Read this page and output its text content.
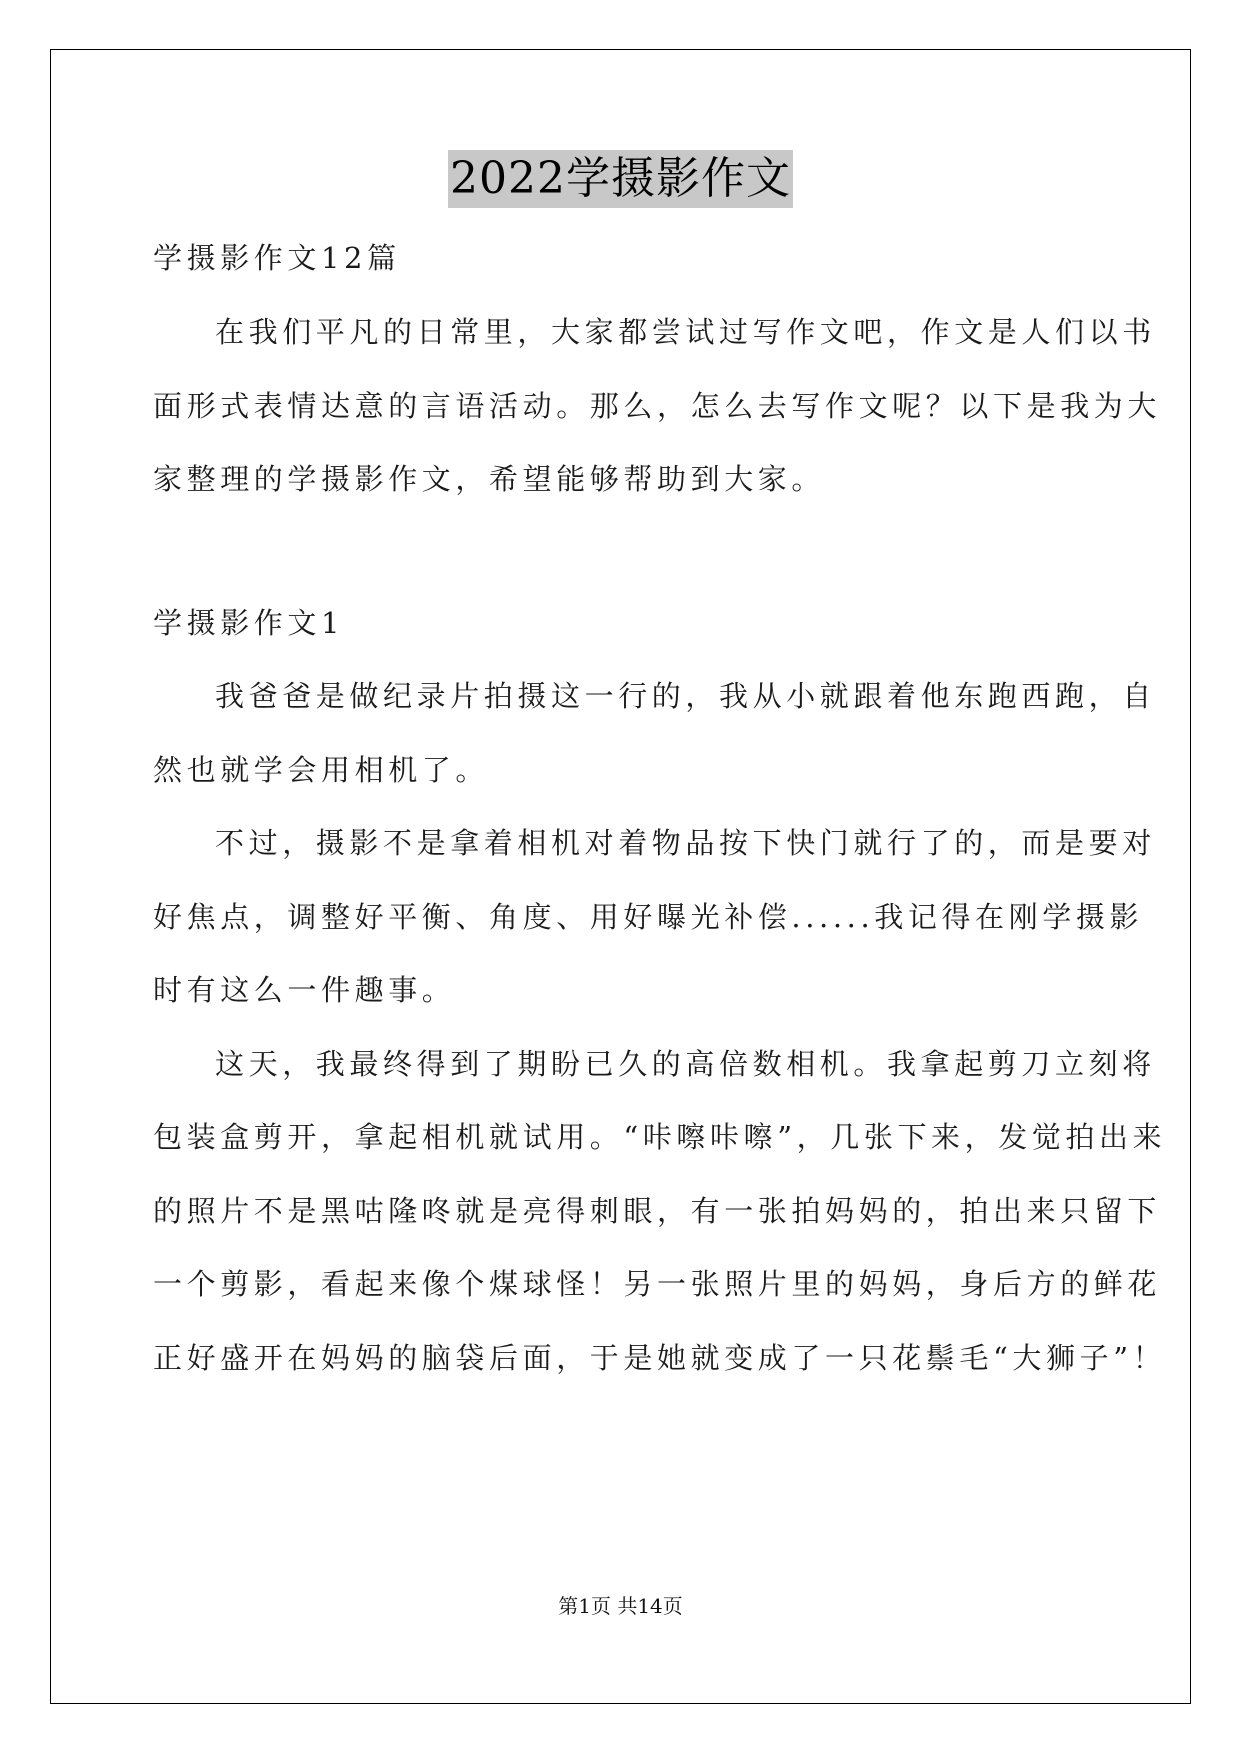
2022学摄影作文
学摄影作文12篇
在我们平凡的日常里，大家都尝试过写作文吧，作文是人们以书
面形式表情达意的言语活动。那么，怎么去写作文呢？以下是我为大
家整理的学摄影作文，希望能够帮助到大家。
学摄影作文1
我爸爸是做纪录片拍摄这一行的，我从小就跟着他东跑西跑，自
然也就学会用相机了。
不过，摄影不是拿着相机对着物品按下快门就行了的，而是要对
好焦点，调整好平衡、角度、用好曝光补偿......我记得在刚学摄影
时有这么一件趣事。
这天，我最终得到了期盼已久的高倍数相机。我拿起剪刀立刻将
包装盒剪开，拿起相机就试用。“咔嚓咔嚓”，几张下来，发觉拍出来
的照片不是黑咕隆咚就是亮得刺眼，有一张拍妈妈的，拍出来只留下
一个剪影，看起来像个煤球怪！另一张照片里的妈妈，身后方的鲜花
正好盛开在妈妈的脑袋后面，于是她就变成了一只花鬃毛“大狮子”！
第1页 共14页
